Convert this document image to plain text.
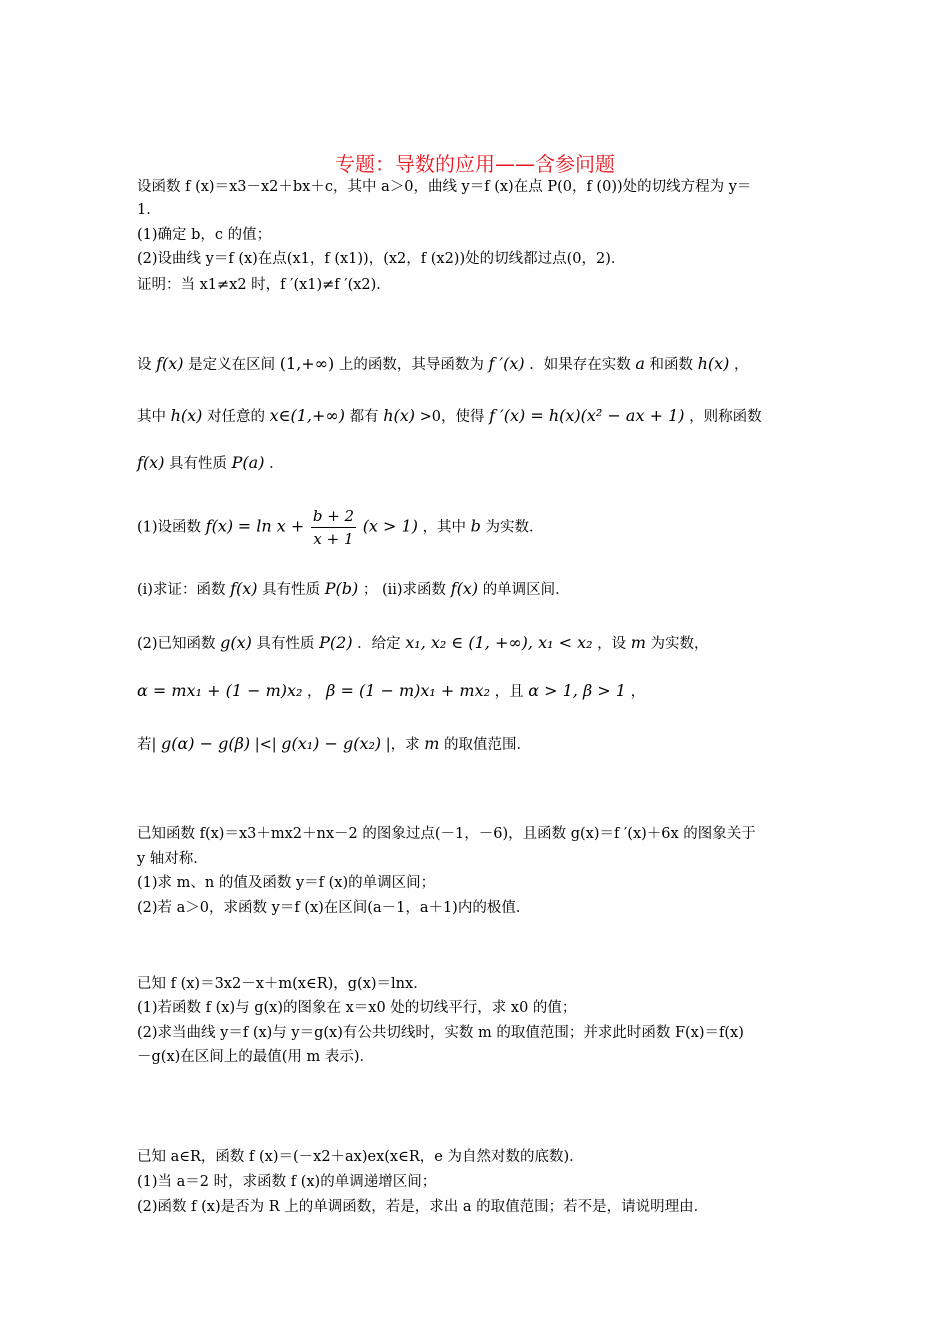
专题：导数的应用——含参问题
设函数 f (x)＝x3－x2＋bx＋c，其中 a＞0，曲线 y＝f (x)在点 P(0，f (0))处的切线方程为 y＝
1．
(1)确定 b，c 的值；
(2)设曲线 y＝f (x)在点(x1，f (x1))，(x2，f (x2))处的切线都过点(0，2)．
证明：当 x1≠x2 时，f ′(x1)≠f ′(x2)．
设 f(x) 是定义在区间 (1,+∞) 上的函数，其导函数为 f ′(x) ．如果存在实数 a 和函数 h(x) ，
其中 h(x) 对任意的 x∈(1,+∞) 都有 h(x) >0，使得 f ′(x) = h(x)(x² − ax + 1) ，则称函数
f(x) 具有性质 P(a) ．
(1)设函数 $f(x) = \ln x + \frac{b + 2}{x + 1} (x > 1)$ ，其中 b 为实数．
(i)求证：函数 f(x) 具有性质 P(b) ； (ii)求函数 f(x) 的单调区间．
(2)已知函数 g(x) 具有性质 P(2) ．给定 x₁, x₂ ∈ (1, +∞), x₁ < x₂ ，设 m 为实数，
α = mx₁ + (1 − m)x₂ ， β = (1 − m)x₁ + mx₂ ，且 α > 1, β > 1 ，
若| g(α) − g(β) |<| g(x₁) − g(x₂) |，求 m 的取值范围．
已知函数 f(x)＝x3＋mx2＋nx－2 的图象过点(－1，－6)，且函数 g(x)＝f ′(x)＋6x 的图象关于
y 轴对称．
(1)求 m、n 的值及函数 y＝f (x)的单调区间；
(2)若 a＞0，求函数 y＝f (x)在区间(a－1，a＋1)内的极值．
已知 f (x)＝3x2－x＋m(x∈R)，g(x)＝lnx．
(1)若函数 f (x)与 g(x)的图象在 x＝x0 处的切线平行，求 x0 的值；
(2)求当曲线 y＝f (x)与 y＝g(x)有公共切线时，实数 m 的取值范围；并求此时函数 F(x)＝f(x)
－g(x)在区间上的最值(用 m 表示)．
已知 a∈R，函数 f (x)＝(－x2＋ax)ex(x∈R，e 为自然对数的底数)．
(1)当 a＝2 时，求函数 f (x)的单调递增区间；
(2)函数 f (x)是否为 R 上的单调函数，若是，求出 a 的取值范围；若不是，请说明理由．
